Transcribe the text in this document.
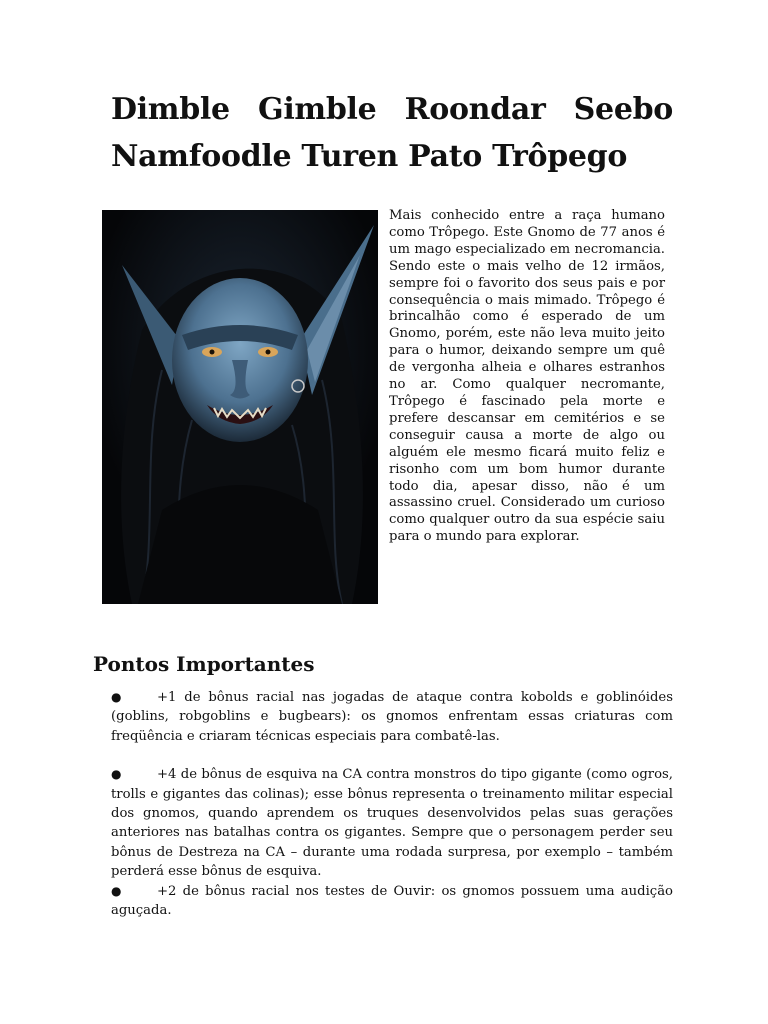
Dimble Gimble Roondar Seebo Namfoodle Turen Pato Trôpego

Mais conhecido entre a raça humano como Trôpego. Este Gnomo de 77 anos é um mago especializado em necromancia. Sendo este o mais velho de 12 irmãos, sempre foi o favorito dos seus pais e por consequência o mais mimado. Trôpego é brincalhão como é esperado de um Gnomo, porém, este não leva muito jeito para o humor, deixando sempre um quê de vergonha alheia e olhares estranhos no ar. Como qualquer necromante, Trôpego é fascinado pela morte e prefere descansar em cemitérios e se conseguir causa a morte de algo ou alguém ele mesmo ficará muito feliz e risonho com um bom humor durante todo dia, apesar disso, não é um assassino cruel. Considerado um curioso como qualquer outro da sua espécie saiu para o mundo para explorar.

Pontos Importantes
●	+1 de bônus racial nas jogadas de ataque contra kobolds e goblinóides (goblins, robgoblins e bugbears): os gnomos enfrentam essas criaturas com freqüência e criaram técnicas especiais para combatê-las.
●	+4 de bônus de esquiva na CA contra monstros do tipo gigante (como ogros, trolls e gigantes das colinas); esse bônus representa o treinamento militar especial dos gnomos, quando aprendem os truques desenvolvidos pelas suas gerações anteriores nas batalhas contra os gigantes. Sempre que o personagem perder seu bônus de Destreza na CA – durante uma rodada surpresa, por exemplo – também perderá esse bônus de esquiva.
●	+2 de bônus racial nos testes de Ouvir: os gnomos possuem uma audição aguçada.
